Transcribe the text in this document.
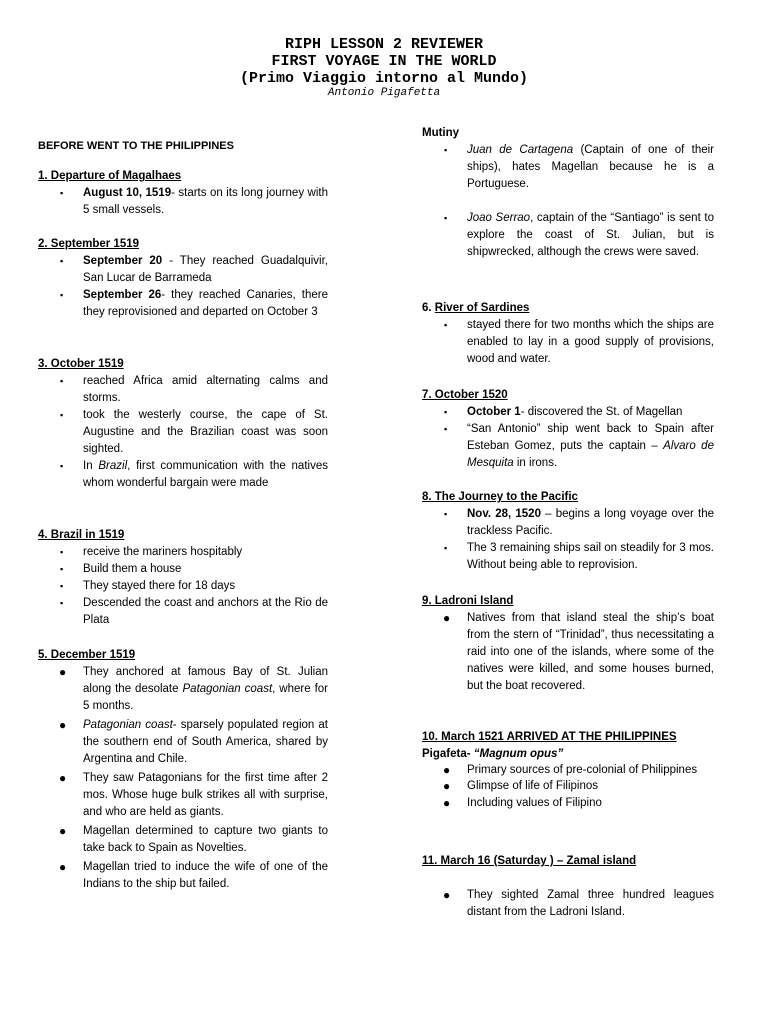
RIPH LESSON 2 REVIEWER
FIRST VOYAGE IN THE WORLD
(Primo Viaggio intorno al Mundo)
Antonio Pigafetta

BEFORE WENT TO THE PHILIPPINES

1. Departure of Magalhaes

▪ August 10, 1519- starts on its long journey with 5 small vessels.

2. September 1519

▪ September 20 - They reached Guadalquivir, San Lucar de Barrameda
▪ September 26- they reached Canaries, there they reprovisioned and departed on October 3

3. October 1519

▪ reached Africa amid alternating calms and storms.
▪ took the westerly course, the cape of St. Augustine and the Brazilian coast was soon sighted.
▪ In Brazil, first communication with the natives whom wonderful bargain were made

4. Brazil in 1519

▪ receive the mariners hospitably
▪ Build them a house
▪ They stayed there for 18 days
▪ Descended the coast and anchors at the Rio de Plata

5. December 1519

● They anchored at famous Bay of St. Julian along the desolate Patagonian coast, where for 5 months.
● Patagonian coast- sparsely populated region at the southern end of South America, shared by Argentina and Chile.
● They saw Patagonians for the first time after 2 mos. Whose huge bulk strikes all with surprise, and who are held as giants.
● Magellan determined to capture two giants to take back to Spain as Novelties.
● Magellan tried to induce the wife of one of the Indians to the ship but failed.

Mutiny

▪ Juan de Cartagena (Captain of one of their ships), hates Magellan because he is a Portuguese.
▪ Joao Serrao, captain of the “Santiago” is sent to explore the coast of St. Julian, but is shipwrecked, although the crews were saved.

6. River of Sardines

▪ stayed there for two months which the ships are enabled to lay in a good supply of provisions, wood and water.

7. October 1520

▪ October 1- discovered the St. of Magellan
▪ “San Antonio” ship went back to Spain after Esteban Gomez, puts the captain – Alvaro de Mesquita in irons.

8. The Journey to the Pacific

▪ Nov. 28, 1520 – begins a long voyage over the trackless Pacific.
▪ The 3 remaining ships sail on steadily for 3 mos. Without being able to reprovision.

9. Ladroni Island

● Natives from that island steal the ship’s boat from the stern of “Trinidad”, thus necessitating a raid into one of the islands, where some of the natives were killed, and some houses burned, but the boat recovered.

10. March 1521 ARRIVED AT THE PHILIPPINES

Pigafeta- “Magnum opus”

● Primary sources of pre-colonial of Philippines
● Glimpse of life of Filipinos
● Including values of Filipino

11. March 16 (Saturday ) – Zamal island

● They sighted Zamal three hundred leagues distant from the Ladroni Island.
